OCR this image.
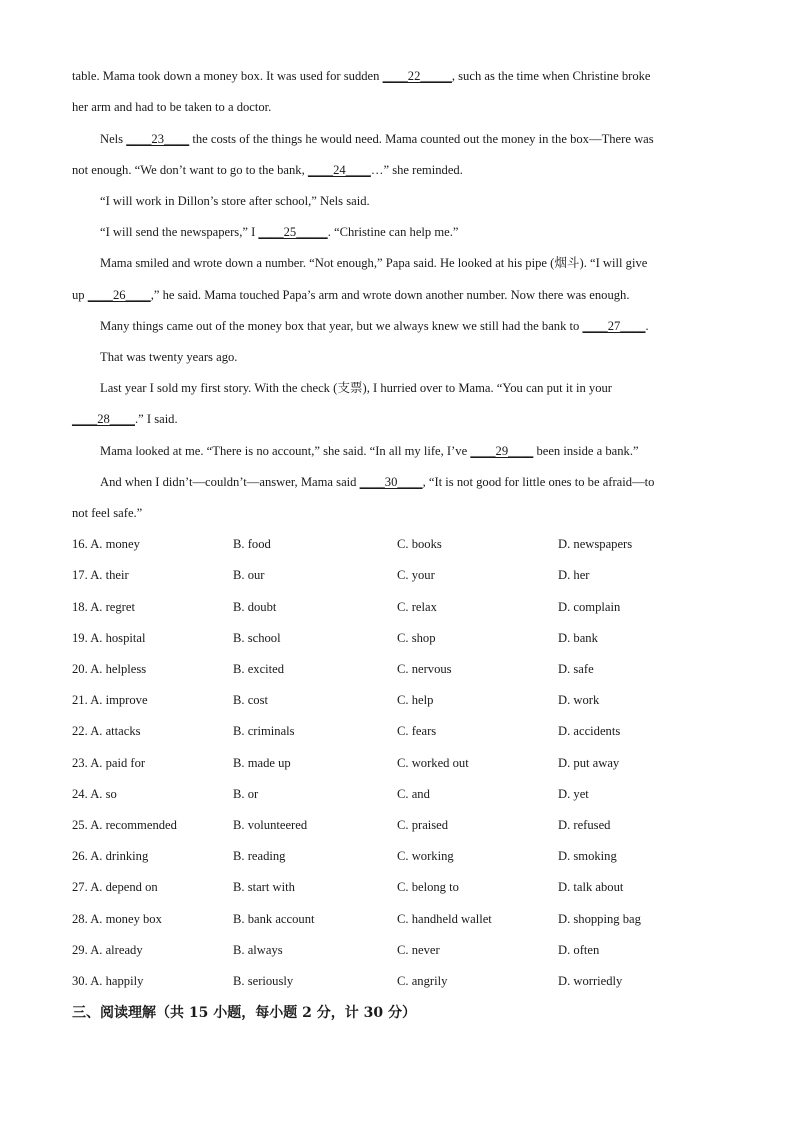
table. Mama took down a money box. It was used for sudden ____22_____, such as the time when Christine broke
her arm and had to be taken to a doctor.
Nels ____23____ the costs of the things he would need. Mama counted out the money in the box—There was
not enough. “We don’t want to go to the bank, ____24____…” she reminded.
“I will work in Dillon’s store after school,” Nels said.
“I will send the newspapers,” I ____25_____. “Christine can help me.”
Mama smiled and wrote down a number. “Not enough,” Papa said. He looked at his pipe (烟斗). “I will give
up ____26____,” he said. Mama touched Papa’s arm and wrote down another number. Now there was enough.
Many things came out of the money box that year, but we always knew we still had the bank to ____27____.
That was twenty years ago.
Last year I sold my first story. With the check (支票), I hurried over to Mama. “You can put it in your
____28____.” I said.
Mama looked at me. “There is no account,” she said. “In all my life, I’ve ____29____ been inside a bank.”
And when I didn’t—couldn’t—answer, Mama said ____30____, “It is not good for little ones to be afraid—to
not feel safe.”
16. A. money	B. food	C. books	D. newspapers
17. A. their	B. our	C. your	D. her
18. A. regret	B. doubt	C. relax	D. complain
19. A. hospital	B. school	C. shop	D. bank
20. A. helpless	B. excited	C. nervous	D. safe
21. A. improve	B. cost	C. help	D. work
22. A. attacks	B. criminals	C. fears	D. accidents
23. A. paid for	B. made up	C. worked out	D. put away
24. A. so	B. or	C. and	D. yet
25. A. recommended	B. volunteered	C. praised	D. refused
26. A. drinking	B. reading	C. working	D. smoking
27. A. depend on	B. start with	C. belong to	D. talk about
28. A. money box	B. bank account	C. handheld wallet	D. shopping bag
29. A. already	B. always	C. never	D. often
30. A. happily	B. seriously	C. angrily	D. worriedly
三、阅读理解（共 15 小题，每小题 2 分，计 30 分）
